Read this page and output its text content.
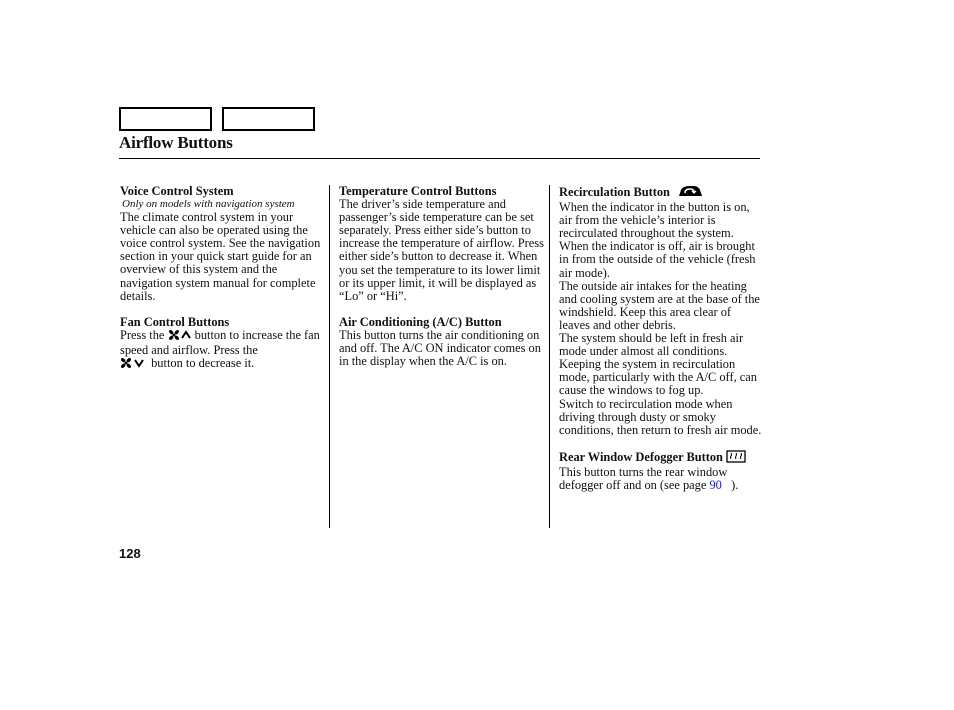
Airflow Buttons
Voice Control System
Only on models with navigation system
The climate control system in your vehicle can also be operated using the voice control system. See the navigation section in your quick start guide for an overview of this system and the navigation system manual for complete details.
Fan Control Buttons
Press the button to increase the fan speed and airflow. Press the
button to decrease it.
Temperature Control Buttons
The driver’s side temperature and passenger’s side temperature can be set separately. Press either side’s button to increase the temperature of airflow. Press either side’s button to decrease it. When you set the temperature to its lower limit or its upper limit, it will be displayed as “Lo” or “Hi”.
Air Conditioning (A/C) Button
This button turns the air conditioning on and off. The A/C ON indicator comes on in the display when the A/C is on.
Recirculation Button
When the indicator in the button is on, air from the vehicle’s interior is recirculated throughout the system.
When the indicator is off, air is brought in from the outside of the vehicle (fresh air mode).
The outside air intakes for the heating and cooling system are at the base of the windshield. Keep this area clear of leaves and other debris.
The system should be left in fresh air mode under almost all conditions. Keeping the system in recirculation mode, particularly with the A/C off, can cause the windows to fog up.
Switch to recirculation mode when driving through dusty or smoky conditions, then return to fresh air mode.
Rear Window Defogger Button
This button turns the rear window defogger off and on (see page 90 ).
128
